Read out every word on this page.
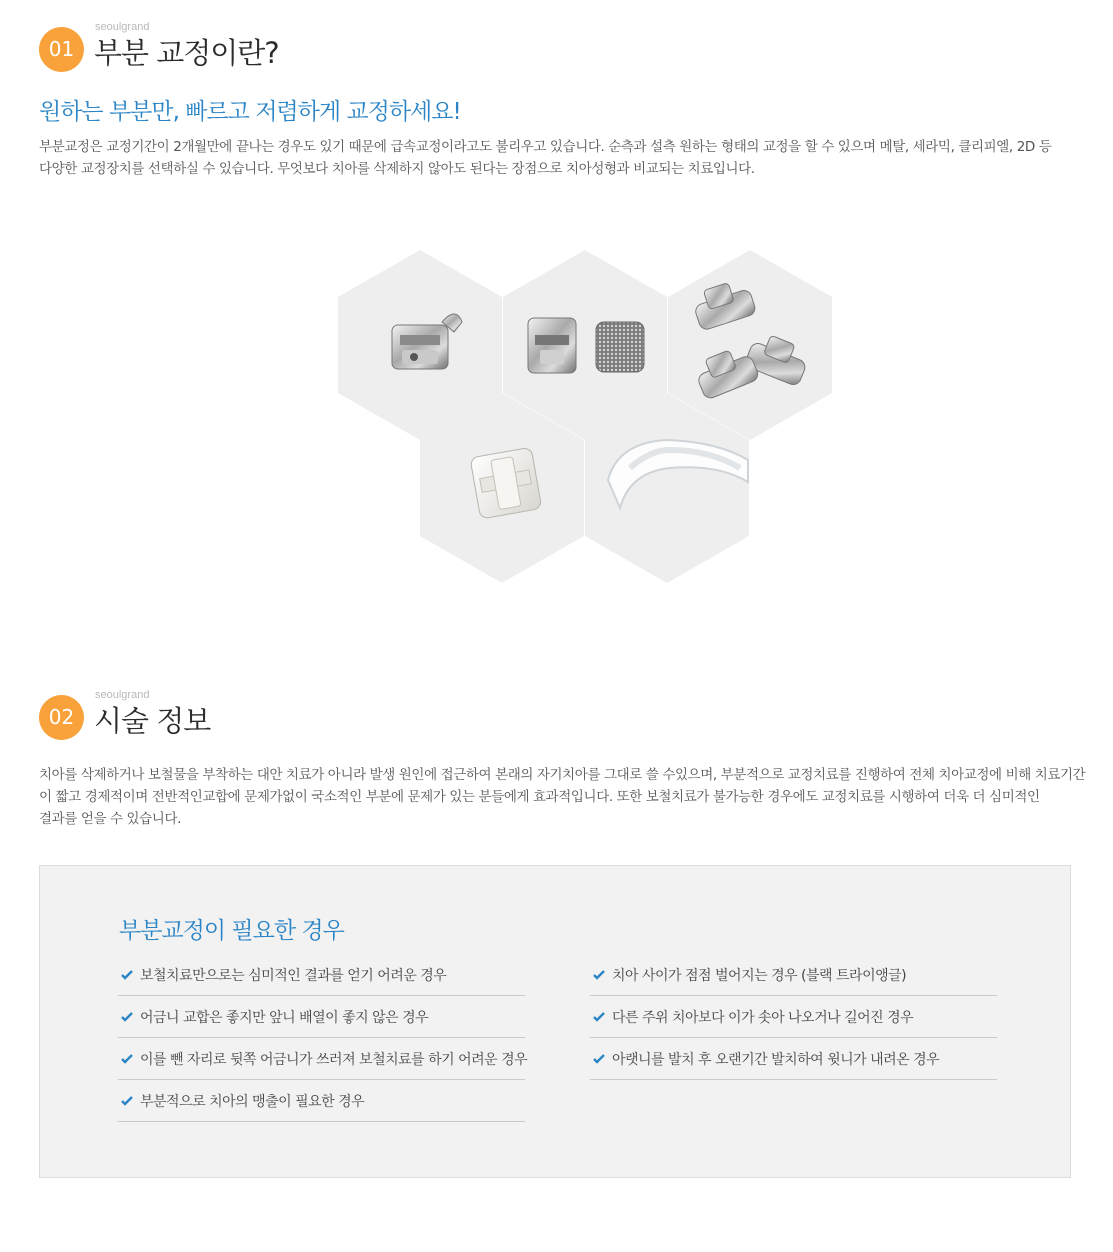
01
seoulgrand
부분 교정이란?
원하는 부분만, 빠르고 저렴하게 교정하세요!
부분교정은 교정기간이 2개월만에 끝나는 경우도 있기 때문에 급속교정이라고도 불리우고 있습니다. 순측과 설측 원하는 형태의 교정을 할 수 있으며 메탈, 세라믹, 클리피엘, 2D 등
다양한 교정장치를 선택하실 수 있습니다. 무엇보다 치아를 삭제하지 않아도 된다는 장점으로 치아성형과 비교되는 치료입니다.
02
seoulgrand
시술 정보
치아를 삭제하거나 보철물을 부착하는 대안 치료가 아니라 발생 원인에 접근하여 본래의 자기치아를 그대로 쓸 수있으며, 부분적으로 교정치료를 진행하여 전체 치아교정에 비해 치료기간
이 짧고 경제적이며 전반적인교합에 문제가없이 국소적인 부분에 문제가 있는 분들에게 효과적입니다. 또한 보철치료가 불가능한 경우에도 교정치료를 시행하여 더욱 더 심미적인
결과를 얻을 수 있습니다.
부분교정이 필요한 경우
보철치료만으로는 심미적인 결과를 얻기 어려운 경우
어금니 교합은 좋지만 앞니 배열이 좋지 않은 경우
이를 뺀 자리로 뒷쪽 어금니가 쓰러져 보철치료를 하기 어려운 경우
부분적으로 치아의 맹출이 필요한 경우
치아 사이가 점점 벌어지는 경우 (블랙 트라이앵글)
다른 주위 치아보다 이가 솟아 나오거나 길어진 경우
아랫니를 발치 후 오랜기간 발치하여 윗니가 내려온 경우
